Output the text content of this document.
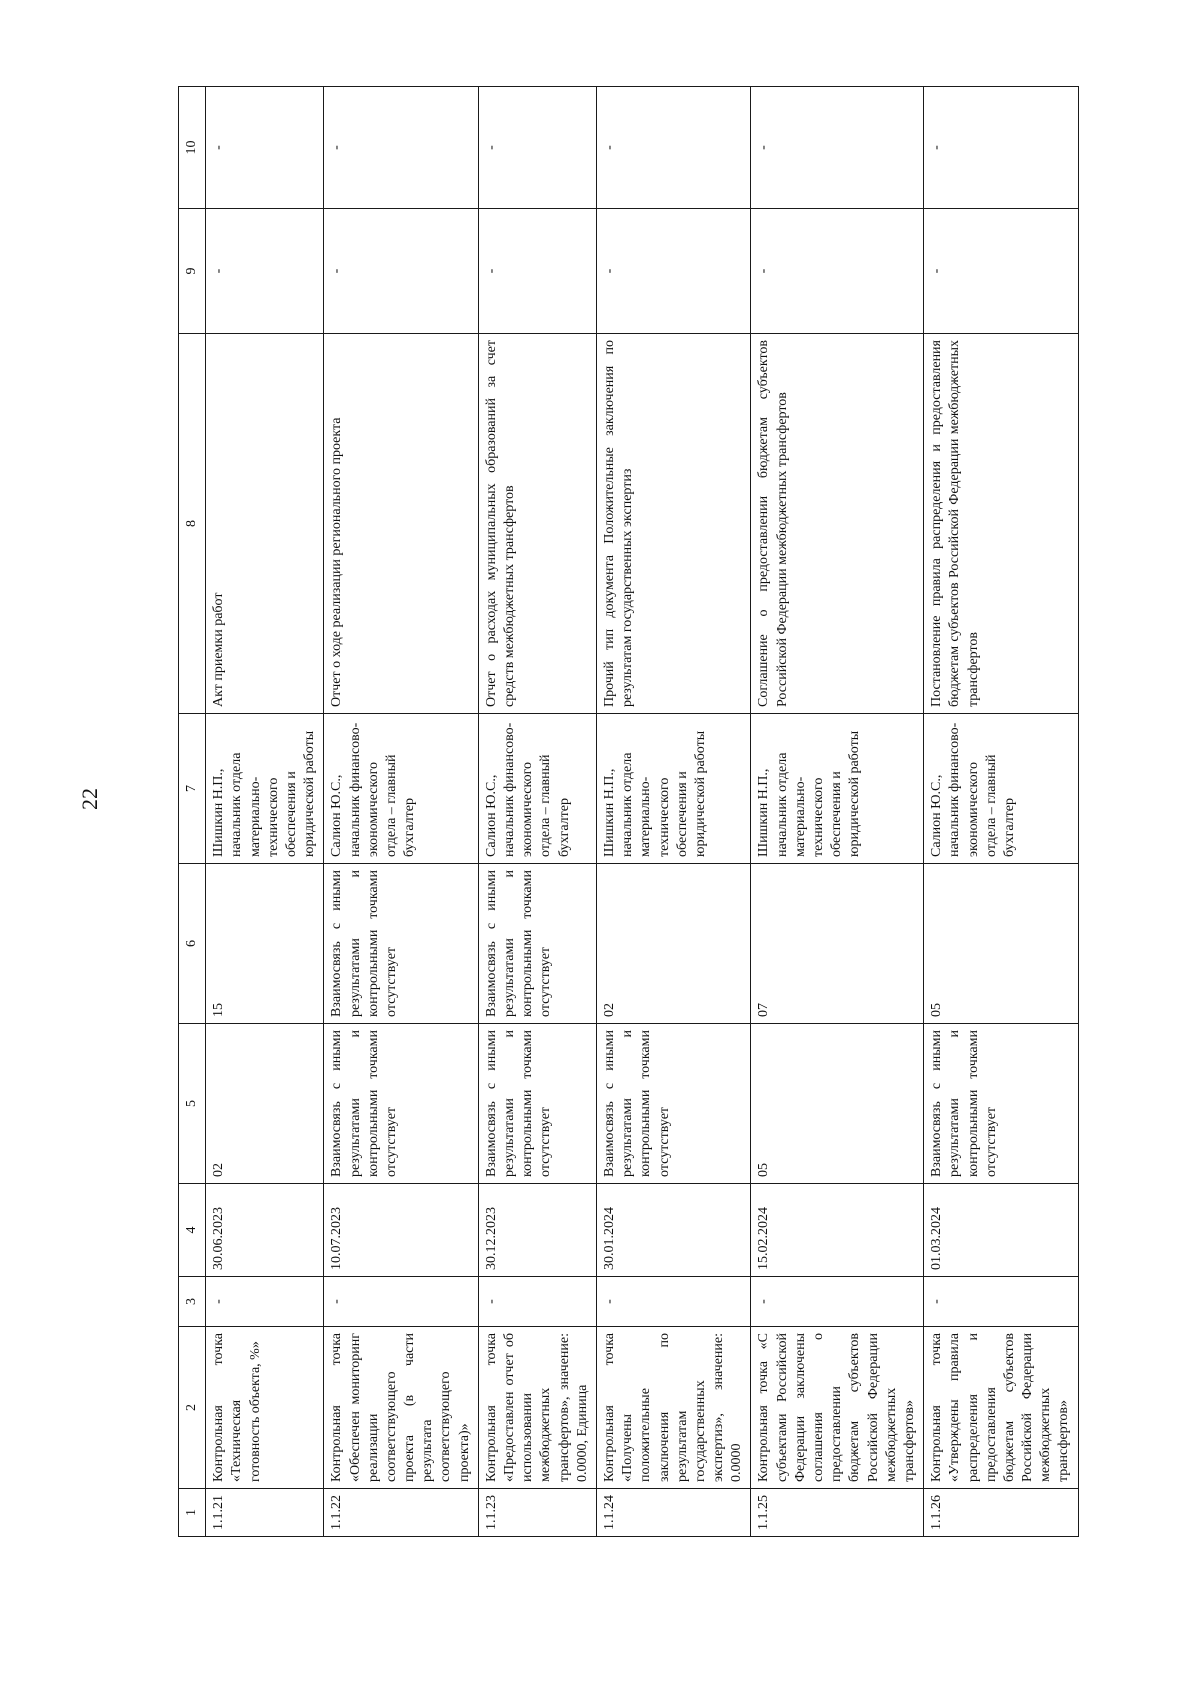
22
1	2	3	4	5	6	7	8	9	10
1.1.21	Контрольная точка «Техническая готовность объекта, %»	-	30.06.2023	02	15	Шишкин Н.П., начальник отдела материально-технического обеспечения и юридической работы	Акт приемки работ	-	-
1.1.22	Контрольная точка «Обеспечен мониторинг реализации соответствующего проекта (в части результата соответствующего проекта)»	-	10.07.2023	Взаимосвязь с иными результатами и контрольными точками отсутствует	Взаимосвязь с иными результатами и контрольными точками отсутствует	Салион Ю.С., начальник финансово-экономического отдела – главный бухгалтер	Отчет о ходе реализации регионального проекта	-	-
1.1.23	Контрольная точка «Предоставлен отчет об использовании межбюджетных трансфертов», значение: 0.0000, Единица	-	30.12.2023	Взаимосвязь с иными результатами и контрольными точками отсутствует	Взаимосвязь с иными результатами и контрольными точками отсутствует	Салион Ю.С., начальник финансово-экономического отдела – главный бухгалтер	Отчет о расходах муниципальных образований за счет средств межбюджетных трансфертов	-	-
1.1.24	Контрольная точка «Получены положительные заключения по результатам государственных экспертиз», значение: 0.0000	-	30.01.2024	Взаимосвязь с иными результатами и контрольными точками отсутствует	02	Шишкин Н.П., начальник отдела материально-технического обеспечения и юридической работы	Прочий тип документа Положительные заключения по результатам государственных экспертиз	-	-
1.1.25	Контрольная точка «С субъектами Российской Федерации заключены соглашения о предоставлении бюджетам субъектов Российской Федерации межбюджетных трансфертов»	-	15.02.2024	05	07	Шишкин Н.П., начальник отдела материально-технического обеспечения и юридической работы	Соглашение о предоставлении бюджетам субъектов Российской Федерации межбюджетных трансфертов	-	-
1.1.26	Контрольная точка «Утверждены правила распределения и предоставления бюджетам субъектов Российской Федерации межбюджетных трансфертов»	-	01.03.2024	Взаимосвязь с иными результатами и контрольными точками отсутствует	05	Салион Ю.С., начальник финансово-экономического отдела – главный бухгалтер	Постановление правила распределения и предоставления бюджетам субъектов Российской Федерации межбюджетных трансфертов	-	-
